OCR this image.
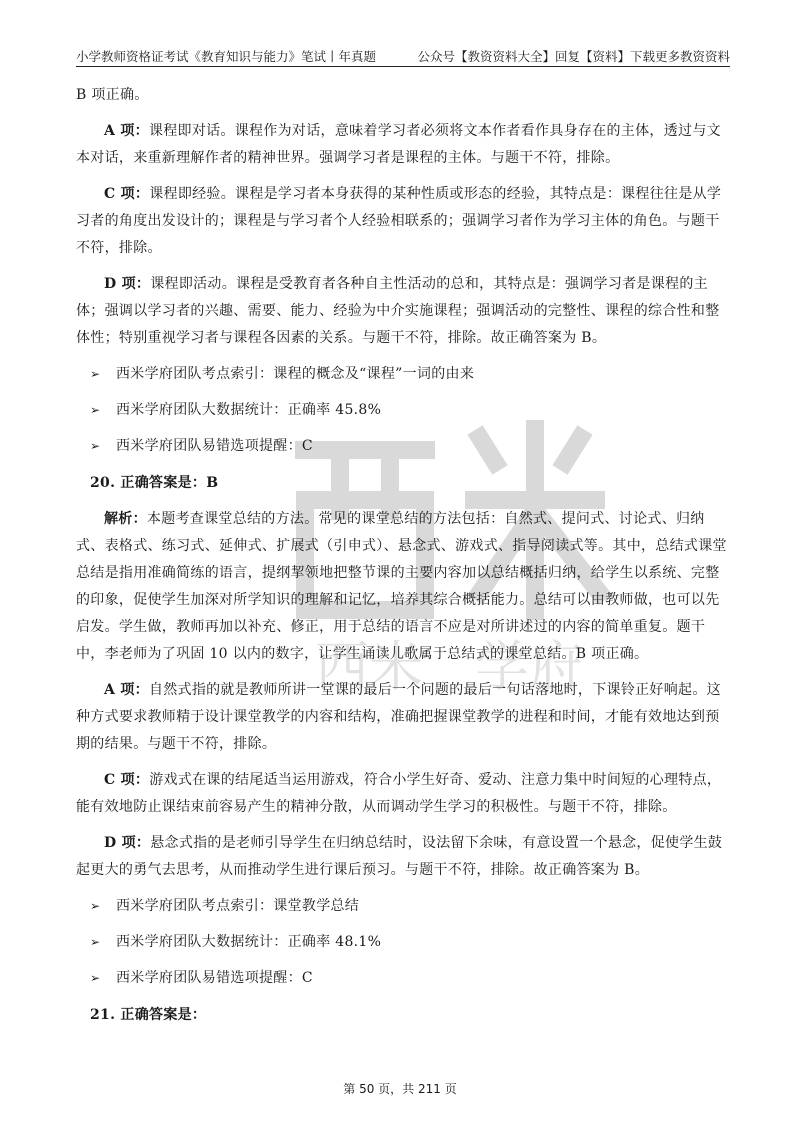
小学教师资格证考试《教育知识与能力》笔试丨年真题	公众号【教资资料大全】回复【资料】下载更多教资资料
西米 学府

B 项正确。

A 项：课程即对话。课程作为对话，意味着学习者必须将文本作者看作具身存在的主体，透过与文本对话，来重新理解作者的精神世界。强调学习者是课程的主体。与题干不符，排除。

C 项：课程即经验。课程是学习者本身获得的某种性质或形态的经验，其特点是：课程往往是从学习者的角度出发设计的；课程是与学习者个人经验相联系的；强调学习者作为学习主体的角色。与题干不符，排除。

D 项：课程即活动。课程是受教育者各种自主性活动的总和，其特点是：强调学习者是课程的主体；强调以学习者的兴趣、需要、能力、经验为中介实施课程；强调活动的完整性、课程的综合性和整体性；特别重视学习者与课程各因素的关系。与题干不符，排除。故正确答案为 B。

➢	西米学府团队考点索引：课程的概念及“课程”一词的由来
➢	西米学府团队大数据统计：正确率 45.8%
➢	西米学府团队易错选项提醒：C

20. 正确答案是：B

解析：本题考查课堂总结的方法。常见的课堂总结的方法包括：自然式、提问式、讨论式、归纳式、表格式、练习式、延伸式、扩展式（引申式）、悬念式、游戏式、指导阅读式等。其中，总结式课堂总结是指用准确简练的语言，提纲挈领地把整节课的主要内容加以总结概括归纳，给学生以系统、完整的印象，促使学生加深对所学知识的理解和记忆，培养其综合概括能力。总结可以由教师做，也可以先启发。学生做，教师再加以补充、修正，用于总结的语言不应是对所讲述过的内容的简单重复。题干中，李老师为了巩固 10 以内的数字，让学生诵读儿歌属于总结式的课堂总结。B 项正确。

A 项：自然式指的就是教师所讲一堂课的最后一个问题的最后一句话落地时，下课铃正好响起。这种方式要求教师精于设计课堂教学的内容和结构，准确把握课堂教学的进程和时间，才能有效地达到预期的结果。与题干不符，排除。

C 项：游戏式在课的结尾适当运用游戏，符合小学生好奇、爱动、注意力集中时间短的心理特点，能有效地防止课结束前容易产生的精神分散，从而调动学生学习的积极性。与题干不符，排除。

D 项：悬念式指的是老师引导学生在归纳总结时，设法留下余味，有意设置一个悬念，促使学生鼓起更大的勇气去思考，从而推动学生进行课后预习。与题干不符，排除。故正确答案为 B。

➢	西米学府团队考点索引：课堂教学总结
➢	西米学府团队大数据统计：正确率 48.1%
➢	西米学府团队易错选项提醒：C

21. 正确答案是：

第 50 页，共 211 页
